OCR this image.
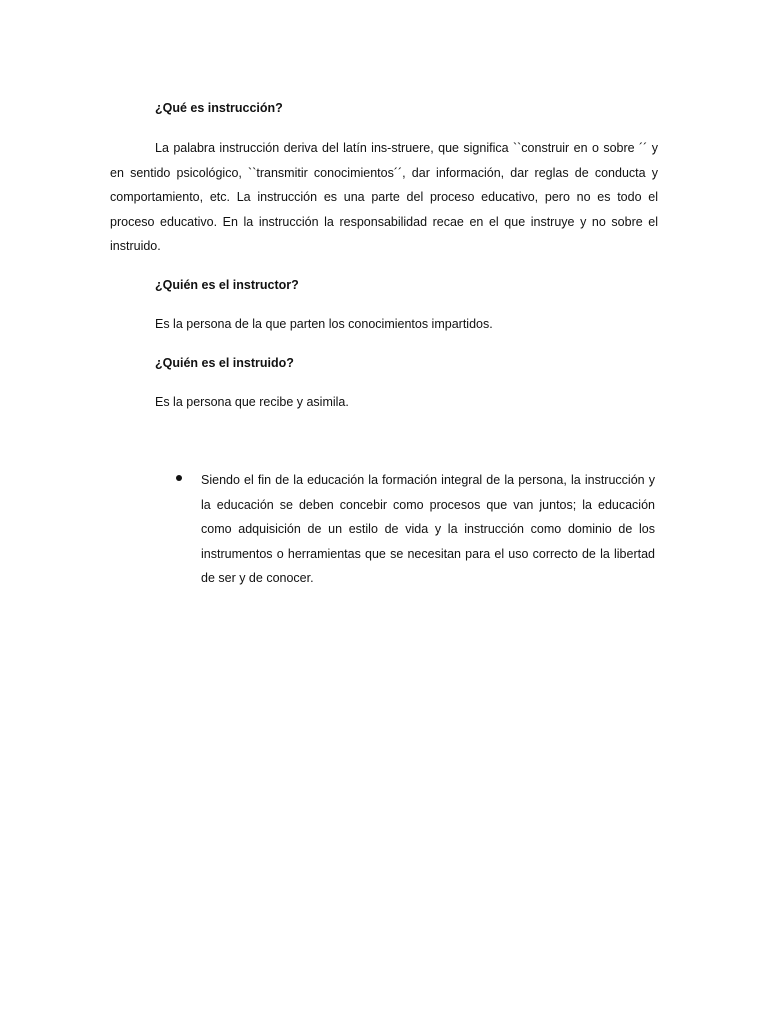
¿Qué es instrucción?
La palabra instrucción deriva del latín ins-struere, que significa ``construir en o sobre ´´ y en sentido psicológico, ``transmitir conocimientos´´, dar información, dar reglas de conducta y comportamiento, etc. La instrucción es una parte del proceso educativo, pero no es todo el proceso educativo. En la instrucción la responsabilidad recae en el que instruye y no sobre el instruido.
¿Quién es el instructor?
Es la persona de la que parten los conocimientos impartidos.
¿Quién es el instruido?
Es la persona que recibe y asimila.
Siendo el fin de la educación la formación integral de la persona, la instrucción y la educación se deben concebir como procesos que van juntos; la educación como adquisición de un estilo de vida y la instrucción como dominio de los instrumentos o herramientas que se necesitan para el uso correcto de la libertad de ser y de conocer.
